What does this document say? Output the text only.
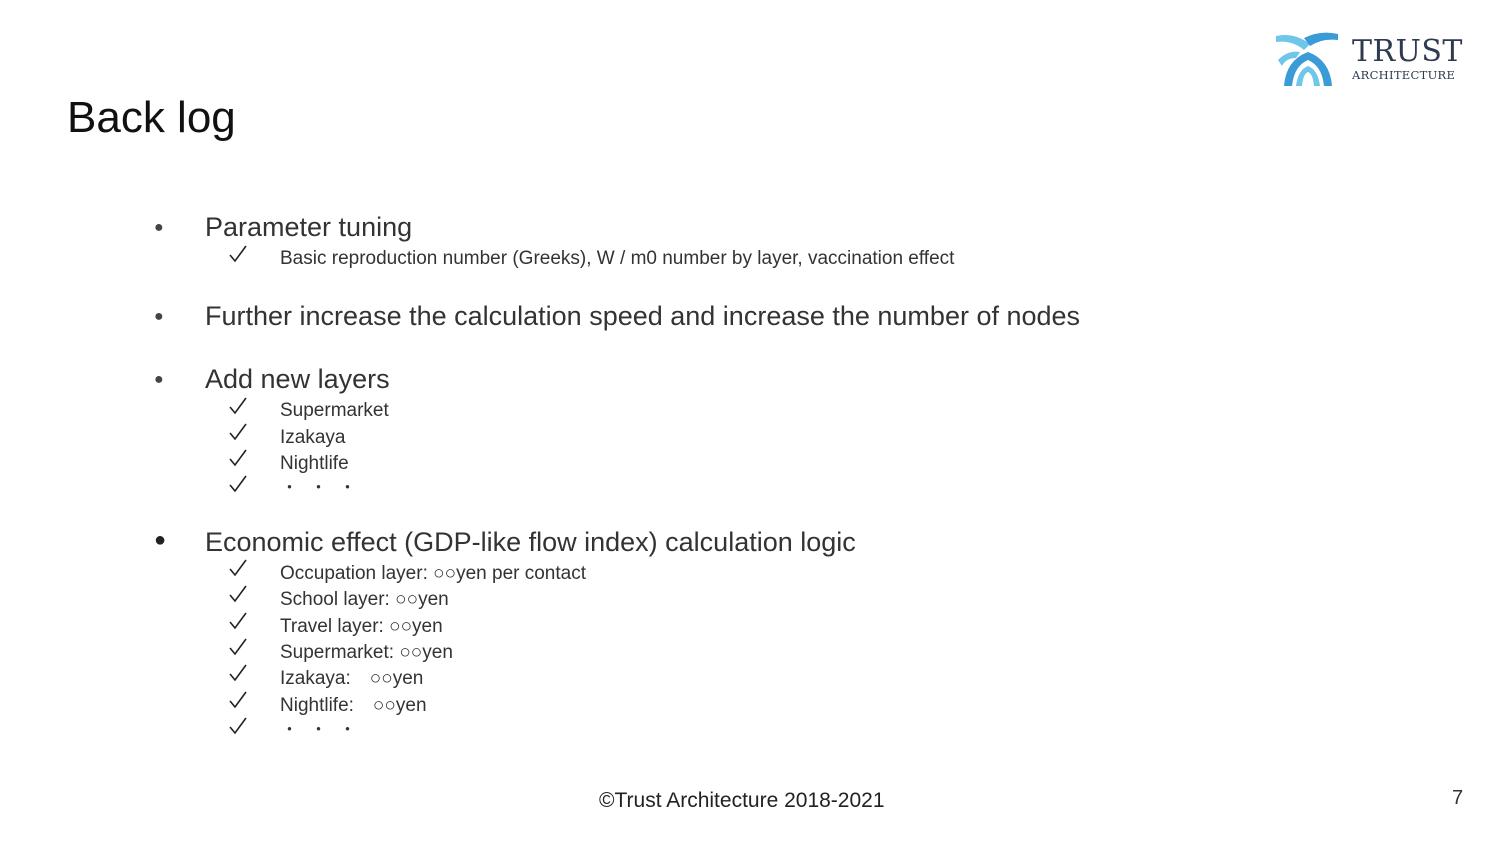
TRUST
ARCHITECTURE
Back log
● Parameter tuning
Basic reproduction number (Greeks), W / m0 number by layer, vaccination effect
● Further increase the calculation speed and increase the number of nodes
● Add new layers
Supermarket
Izakaya
Nightlife
・・・
● Economic effect (GDP-like flow index) calculation logic
Occupation layer: ○○yen per contact
School layer: ○○yen
Travel layer: ○○yen
Supermarket: ○○yen
Izakaya:　○○yen
Nightlife:　○○yen
・・・
©Trust Architecture 2018-2021	7
